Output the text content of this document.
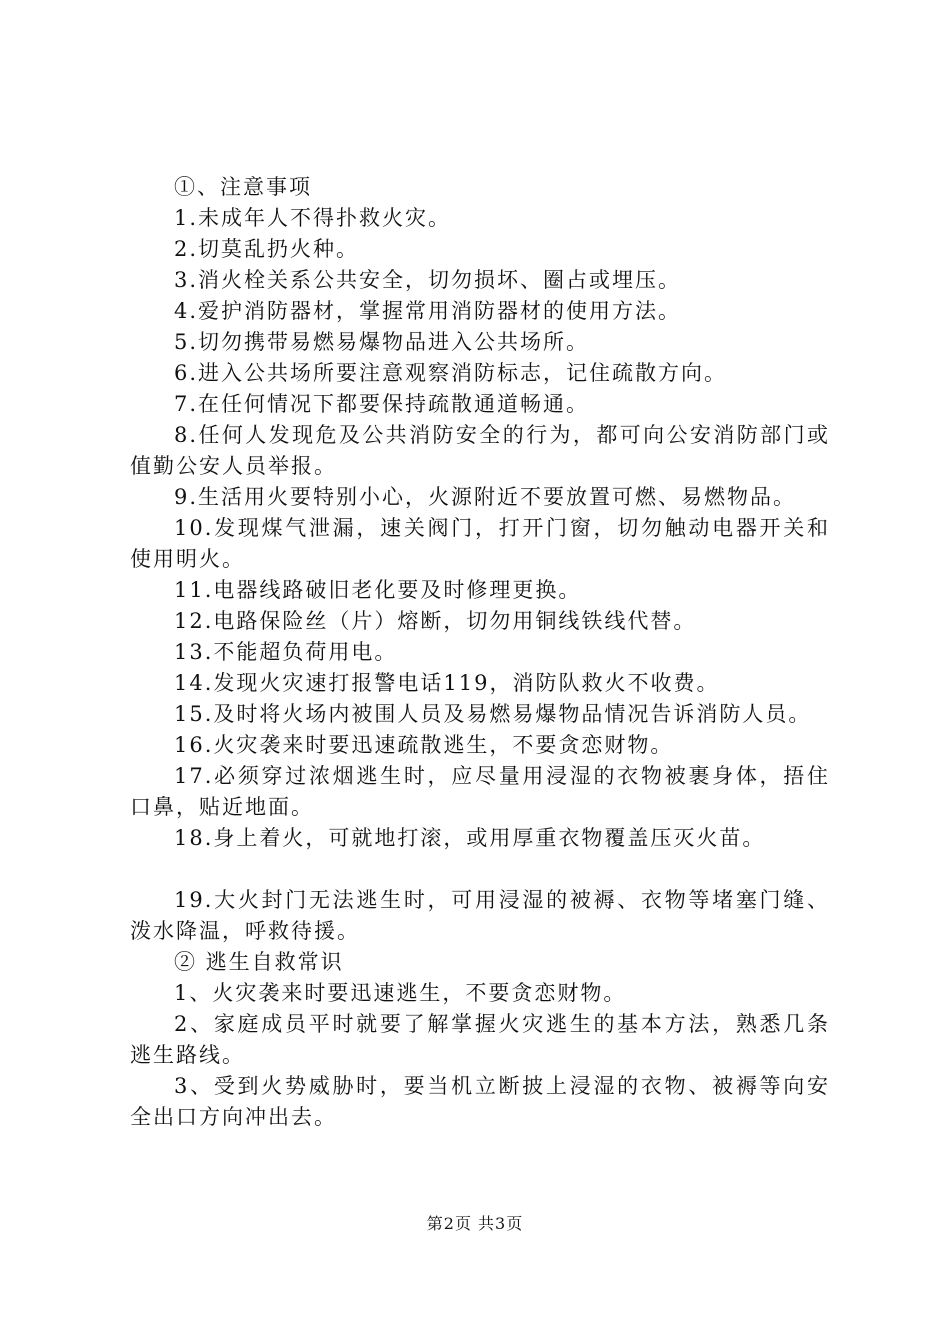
①、注意事项

1.未成年人不得扑救火灾。

2.切莫乱扔火种。

3.消火栓关系公共安全，切勿损坏、圈占或埋压。

4.爱护消防器材，掌握常用消防器材的使用方法。

5.切勿携带易燃易爆物品进入公共场所。

6.进入公共场所要注意观察消防标志，记住疏散方向。

7.在任何情况下都要保持疏散通道畅通。

8.任何人发现危及公共消防安全的行为，都可向公安消防部门或值勤公安人员举报。

9.生活用火要特别小心，火源附近不要放置可燃、易燃物品。

10.发现煤气泄漏，速关阀门，打开门窗，切勿触动电器开关和使用明火。

11.电器线路破旧老化要及时修理更换。

12.电路保险丝（片）熔断，切勿用铜线铁线代替。

13.不能超负荷用电。

14.发现火灾速打报警电话119，消防队救火不收费。

15.及时将火场内被围人员及易燃易爆物品情况告诉消防人员。

16.火灾袭来时要迅速疏散逃生，不要贪恋财物。

17.必须穿过浓烟逃生时，应尽量用浸湿的衣物被裹身体，捂住口鼻，贴近地面。

18.身上着火，可就地打滚，或用厚重衣物覆盖压灭火苗。

19.大火封门无法逃生时，可用浸湿的被褥、衣物等堵塞门缝、泼水降温，呼救待援。

② 逃生自救常识

1、火灾袭来时要迅速逃生，不要贪恋财物。

2、家庭成员平时就要了解掌握火灾逃生的基本方法，熟悉几条逃生路线。

3、受到火势威胁时，要当机立断披上浸湿的衣物、被褥等向安全出口方向冲出去。

第2页 共3页
